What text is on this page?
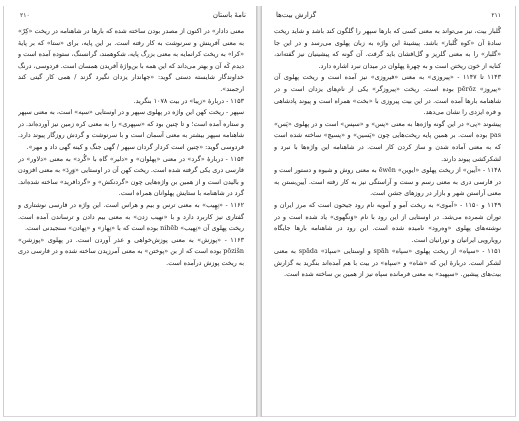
۲۱۰	نامهٔ باستان

معنی دادار» در اکنون از مصدر بودن ساخته شده که بارها در شاهنامه در ریخت «کِرّ» به معنی آفرینش و سرنوشت به کار رفته است. بر این پایه، برای «ستا» که بر پایهٔ «کرا» به ریخت کرانمایه به معنی بزرگ پایه، شکوهمند، گرانسنگ، ستوده آمده است و دیدم کَه آن و بهتر می‌داند که این همه با بن‌واژهٔ آفریدن همسان است. فردوسی، درنگ خداوندگار شایسته دستی گوید: «جهاندار یزدان نگیرد گزند / همی کار گیتی کند ارجمند».

۱۱۵۳ - دربارهٔ «زیبا» در بیت ۱۰۷۸ بنگرید.

سپهر - ریخت کهن این واژه در پهلوی سپهر و در اوستایی «سپه» است، به معنی سپهر و ستاره آمده است؛ و تا چنین بود که «سپهری» را به معنی کره زمین نیز آورده‌اند. در شاهنامه سپهر بیشتر به معنی آسمان است و با سرنوشت و گردش روزگار پیوند دارد. فردوسی گوید: «چنین است کردار گردان سپهر / گهی جنگ و کینه گهی داد و مهر».

۱۱۵۴ - دربارهٔ «گرد» در معنی «پهلوان» و «دلیر» گاه با «گُرد» به معنی «دلاور» در فارسی دری یکی گرفته شده است. ریخت کهن آن در اوستایی «وَرِدَ» به معنی افزودن و بالیدن است و از همین بن واژه‌هایی چون «گردنکش» و «گردافرید» ساخته شده‌اند. گرد در شاهنامه با ستایش پهلوانان همراه است.

۱۱۶۲ - «نِهِیب» به معنی ترس و بیم و هراس است. این واژه در فارسی نوشتاری و گفتاری نیز کاربرد دارد و با «نهیب زدن» به معنی بیم دادن و ترساندن آمده است. ریخت پهلوی آن «نِهیب» nihēb بوده است که با «نِهاز» و «نِهادن» سنجیدنی است.

۱۱۶۳ - «پوزش» به معنی پوزش‌خواهی و عذر آوردن است. در پهلوی «پوزشن» pōzišn بوده است که از بن «پوختن» به معنی آمرزیدن ساخته شده و در فارسی دری به ریخت پوزش درآمده است.

گزارش بیت‌ها	۲۱۱

گُلبار بیت، نیز می‌تواند به معنی کسی که بارها سپهر را گلگون کند باشد و شاید ریخت سادهٔ آن «کوه گُلبار» باشد. پیشینهٔ این واژه به زبان پهلوی می‌رسد و در این جا «گلبار» را به معنی گلریز و گل‌افشان باید گرفت. آن گونه که پیشینیان نیز گفته‌اند، کنایه از خون ریختن است و به چهرهٔ پهلوان در میدان نبرد اشاره دارد.

۱۱۴۳ تا ۱۱۴۷ - «پیروزی» به معنی «فیروزی» نیز آمده است و ریخت پهلوی آن «پیروز» pērōz بوده است. ریخت «پیروزگر» یکی از نام‌های یزدان است و در شاهنامه بارها آمده است. در این بیت پیروزی با «بخت» همراه است و پیوند پادشاهی و فره ایزدی را نشان می‌دهد.

پیشوند «پی» در این گونه واژه‌ها به معنی «پس» و «سپس» است و در پهلوی «پَس» pas بوده است. بر همین پایه ریخت‌هایی چون «پَسین» و «پسیچ» ساخته شده است که به معنی آماده شدن و ساز کردن کار است. در شاهنامه این واژه‌ها با نبرد و لشکرکشی پیوند دارند.

۱۱۴۸ - «آیین» از ریخت پهلوی «ایوین» ēwēn به معنی روش و شیوه و دستور است و در فارسی دری به معنی رسم و سنت و آراستگی نیز به کار رفته است. آیین‌بستن به معنی آراستن شهر و بازار در روزهای جشن است.

۱۱۴۹ و ۱۱۵۰ - «آموی» به ریخت آمو و آمویه نام رود جیحون است که مرز ایران و توران شمرده می‌شد. در اوستایی از این رود با نام «وَنگهوی» یاد شده است و در نوشته‌های پهلوی «وِه‌رود» نامیده شده است. این رود در شاهنامه بارها جایگاه رویارویی ایرانیان و تورانیان است.

۱۱۵۱ - «سپاه» از ریخت پهلوی «سپاه» spāh و اوستایی «سپادَ» spāda به معنی لشکر است. دربارهٔ این که «شاه» و «سپاه» در بیت با هم آمده‌اند بنگرید به گزارش بیت‌های پیشین. «سپهبد» به معنی فرمانده سپاه نیز از همین بن ساخته شده است.
